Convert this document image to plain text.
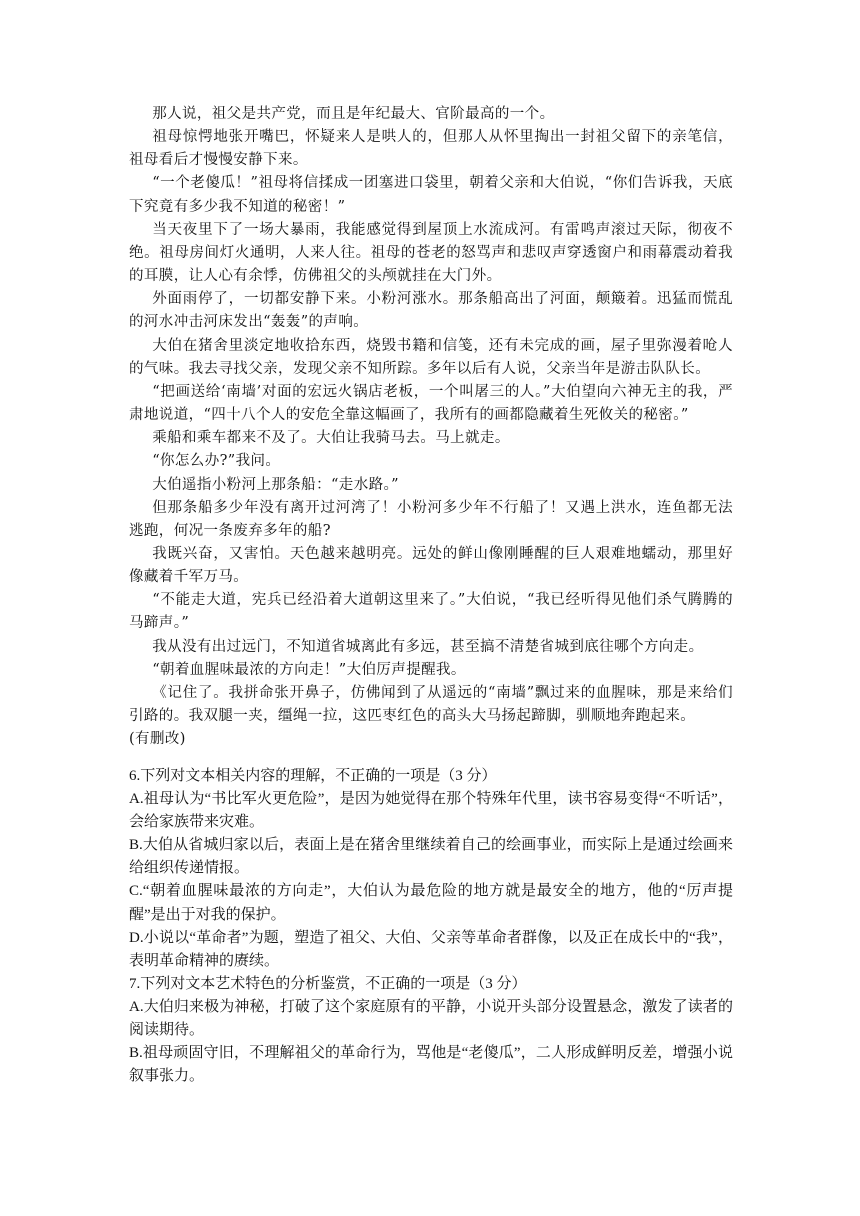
那人说，祖父是共产党，而且是年纪最大、官阶最高的一个。

祖母惊愕地张开嘴巴，怀疑来人是哄人的，但那人从怀里掏出一封祖父留下的亲笔信，祖母看后才慢慢安静下来。

“一个老傻瓜！”祖母将信揉成一团塞进口袋里，朝着父亲和大伯说，“你们告诉我，天底下究竟有多少我不知道的秘密！”

当天夜里下了一场大暴雨，我能感觉得到屋顶上水流成河。有雷鸣声滚过天际，彻夜不绝。祖母房间灯火通明，人来人往。祖母的苍老的怒骂声和悲叹声穿透窗户和雨幕震动着我的耳膜，让人心有余悸，仿佛祖父的头颅就挂在大门外。

外面雨停了，一切都安静下来。小粉河涨水。那条船高出了河面，颠簸着。迅猛而慌乱的河水冲击河床发出“轰轰”的声响。

大伯在猪舍里淡定地收拾东西，烧毁书籍和信笺，还有未完成的画，屋子里弥漫着呛人的气味。我去寻找父亲，发现父亲不知所踪。多年以后有人说，父亲当年是游击队队长。

“把画送给‘南墙’对面的宏远火锅店老板，一个叫屠三的人。”大伯望向六神无主的我，严肃地说道，“四十八个人的安危全靠这幅画了，我所有的画都隐藏着生死攸关的秘密。”

乘船和乘车都来不及了。大伯让我骑马去。马上就走。

“你怎么办?”我问。

大伯遥指小粉河上那条船：“走水路。”

但那条船多少年没有离开过河湾了！小粉河多少年不行船了！又遇上洪水，连鱼都无法逃跑，何况一条废弃多年的船?

我既兴奋，又害怕。天色越来越明亮。远处的鲜山像刚睡醒的巨人艰难地蠕动，那里好像藏着千军万马。

“不能走大道，宪兵已经沿着大道朝这里来了。”大伯说，“我已经听得见他们杀气腾腾的马蹄声。”

我从没有出过远门，不知道省城离此有多远，甚至搞不清楚省城到底往哪个方向走。

“朝着血腥味最浓的方向走！”大伯厉声提醒我。

《记住了。我拼命张开鼻子，仿佛闻到了从遥远的“南墙”飘过来的血腥味，那是来给们引路的。我双腿一夹，缰绳一拉，这匹枣红色的高头大马扬起蹄脚，驯顺地奔跑起来。

(有删改)

6.下列对文本相关内容的理解，不正确的一项是（3 分）

A.祖母认为“书比军火更危险”，是因为她觉得在那个特殊年代里，读书容易变得“不听话”，会给家族带来灾难。

B.大伯从省城归家以后，表面上是在猪舍里继续着自己的绘画事业，而实际上是通过绘画来给组织传递情报。

C.“朝着血腥味最浓的方向走”，大伯认为最危险的地方就是最安全的地方，他的“厉声提醒”是出于对我的保护。

D.小说以“革命者”为题，塑造了祖父、大伯、父亲等革命者群像，以及正在成长中的“我”，表明革命精神的赓续。

7.下列对文本艺术特色的分析鉴赏，不正确的一项是（3 分）

A.大伯归来极为神秘，打破了这个家庭原有的平静，小说开头部分设置悬念，激发了读者的阅读期待。

B.祖母顽固守旧，不理解祖父的革命行为，骂他是“老傻瓜”，二人形成鲜明反差，增强小说叙事张力。
